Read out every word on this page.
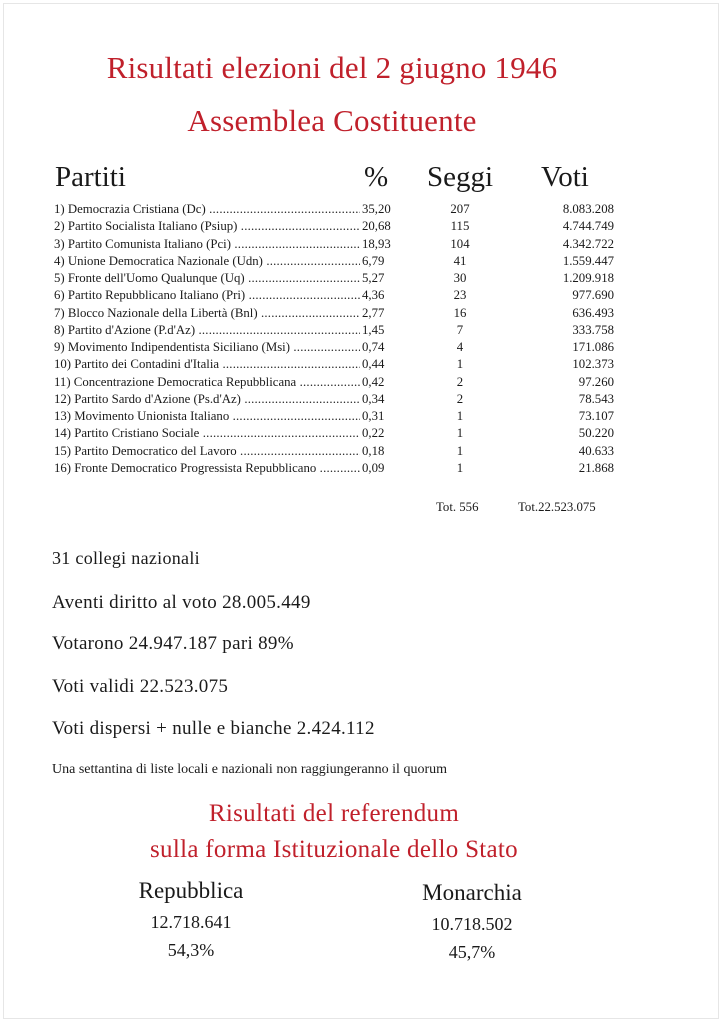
Risultati elezioni del 2 giugno 1946
Assemblea Costituente
Partiti	% Seggi Voti
1) Democrazia Cristiana (Dc) .....	35,20	207	8.083.208
2) Partito Socialista Italiano (Psiup) .....	20,68	115	4.744.749
3) Partito Comunista Italiano (Pci) .....	18,93	104	4.342.722
4) Unione Democratica Nazionale (Udn) .....	6,79	41	1.559.447
5) Fronte dell'Uomo Qualunque (Uq) .....	5,27	30	1.209.918
6) Partito Repubblicano Italiano (Pri) .....	4,36	23	977.690
7) Blocco Nazionale della Libertà (Bnl) .....	2,77	16	636.493
8) Partito d'Azione (P.d'Az) .....	1,45	7	333.758
9) Movimento Indipendentista Siciliano (Msi) .....	0,74	4	171.086
10) Partito dei Contadini d'Italia .....	0,44	1	102.373
11) Concentrazione Democratica Repubblicana .....	0,42	2	97.260
12) Partito Sardo d'Azione (Ps.d'Az) .....	0,34	2	78.543
13) Movimento Unionista Italiano .....	0,31	1	73.107
14) Partito Cristiano Sociale .....	0,22	1	50.220
15) Partito Democratico del Lavoro .....	0,18	1	40.633
16) Fronte Democratico Progressista Repubblicano .....	0,09	1	21.868
Tot. 556	Tot.22.523.075
31 collegi nazionali
Aventi diritto al voto 28.005.449
Votarono 24.947.187 pari 89%
Voti validi 22.523.075
Voti dispersi + nulle e bianche 2.424.112
Una settantina di liste locali e nazionali non raggiungeranno il quorum
Risultati del referendum
sulla forma Istituzionale dello Stato
Repubblica
12.718.641
54,3%
Monarchia
10.718.502
45,7%
